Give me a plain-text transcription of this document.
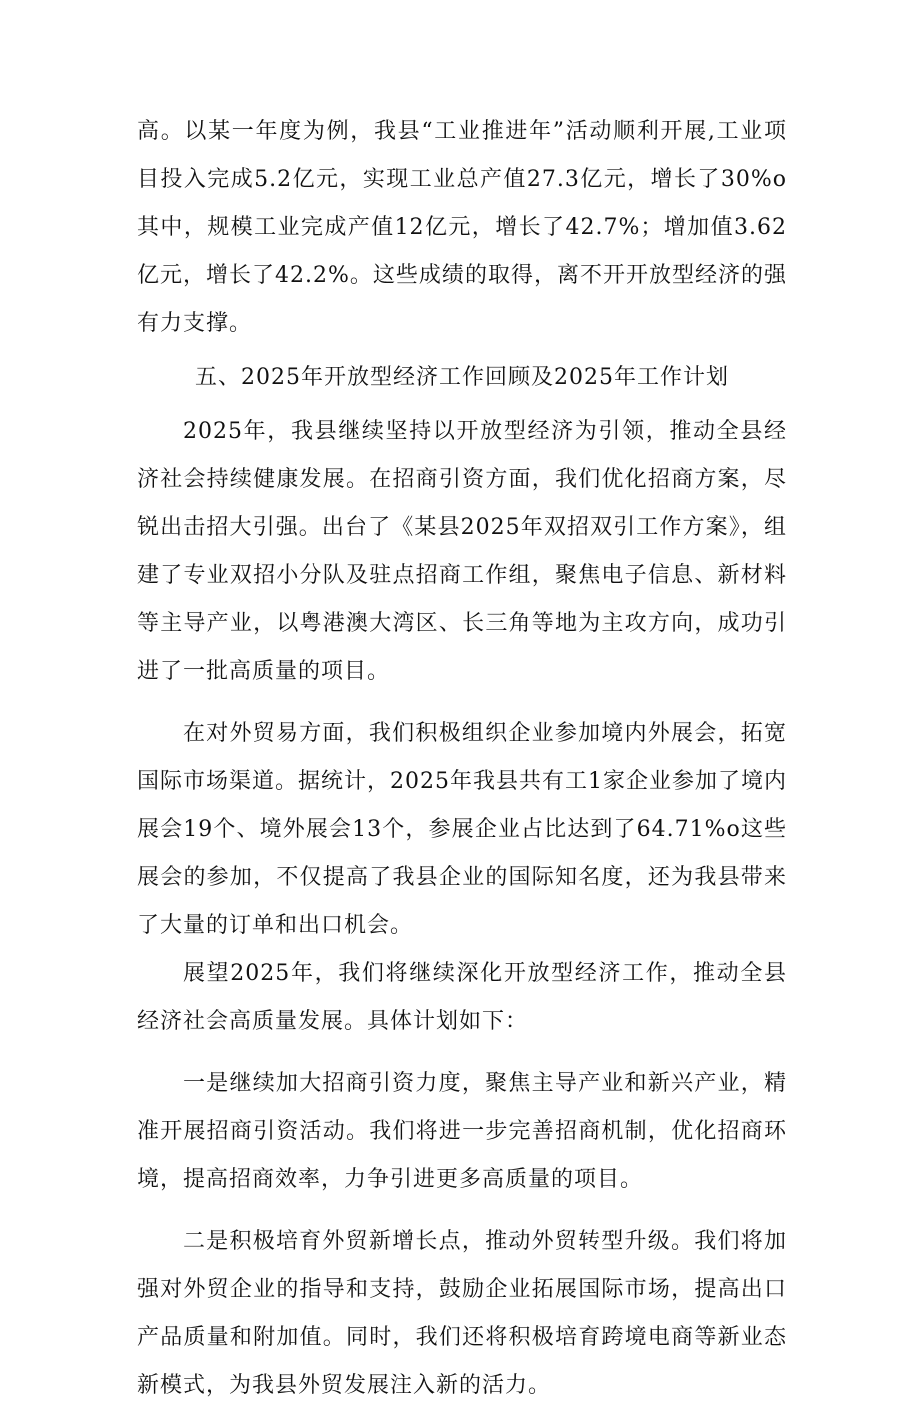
高。以某一年度为例，我县“工业推进年”活动顺利开展,工业项目投入完成5.2亿元，实现工业总产值27.3亿元，增长了30%o其中，规模工业完成产值12亿元，增长了42.7%；增加值3.62亿元，增长了42.2%。这些成绩的取得，离不开开放型经济的强有力支撑。

五、2025年开放型经济工作回顾及2025年工作计划

2025年，我县继续坚持以开放型经济为引领，推动全县经济社会持续健康发展。在招商引资方面，我们优化招商方案，尽锐出击招大引强。出台了《某县2025年双招双引工作方案》，组建了专业双招小分队及驻点招商工作组，聚焦电子信息、新材料等主导产业，以粤港澳大湾区、长三角等地为主攻方向，成功引进了一批高质量的项目。

在对外贸易方面，我们积极组织企业参加境内外展会，拓宽国际市场渠道。据统计，2025年我县共有工1家企业参加了境内展会19个、境外展会13个，参展企业占比达到了64.71%o这些展会的参加，不仅提高了我县企业的国际知名度，还为我县带来了大量的订单和出口机会。

展望2025年，我们将继续深化开放型经济工作，推动全县经济社会高质量发展。具体计划如下：

一是继续加大招商引资力度，聚焦主导产业和新兴产业，精准开展招商引资活动。我们将进一步完善招商机制，优化招商环境，提高招商效率，力争引进更多高质量的项目。

二是积极培育外贸新增长点，推动外贸转型升级。我们将加强对外贸企业的指导和支持，鼓励企业拓展国际市场，提高出口产品质量和附加值。同时，我们还将积极培育跨境电商等新业态新模式，为我县外贸发展注入新的活力。
